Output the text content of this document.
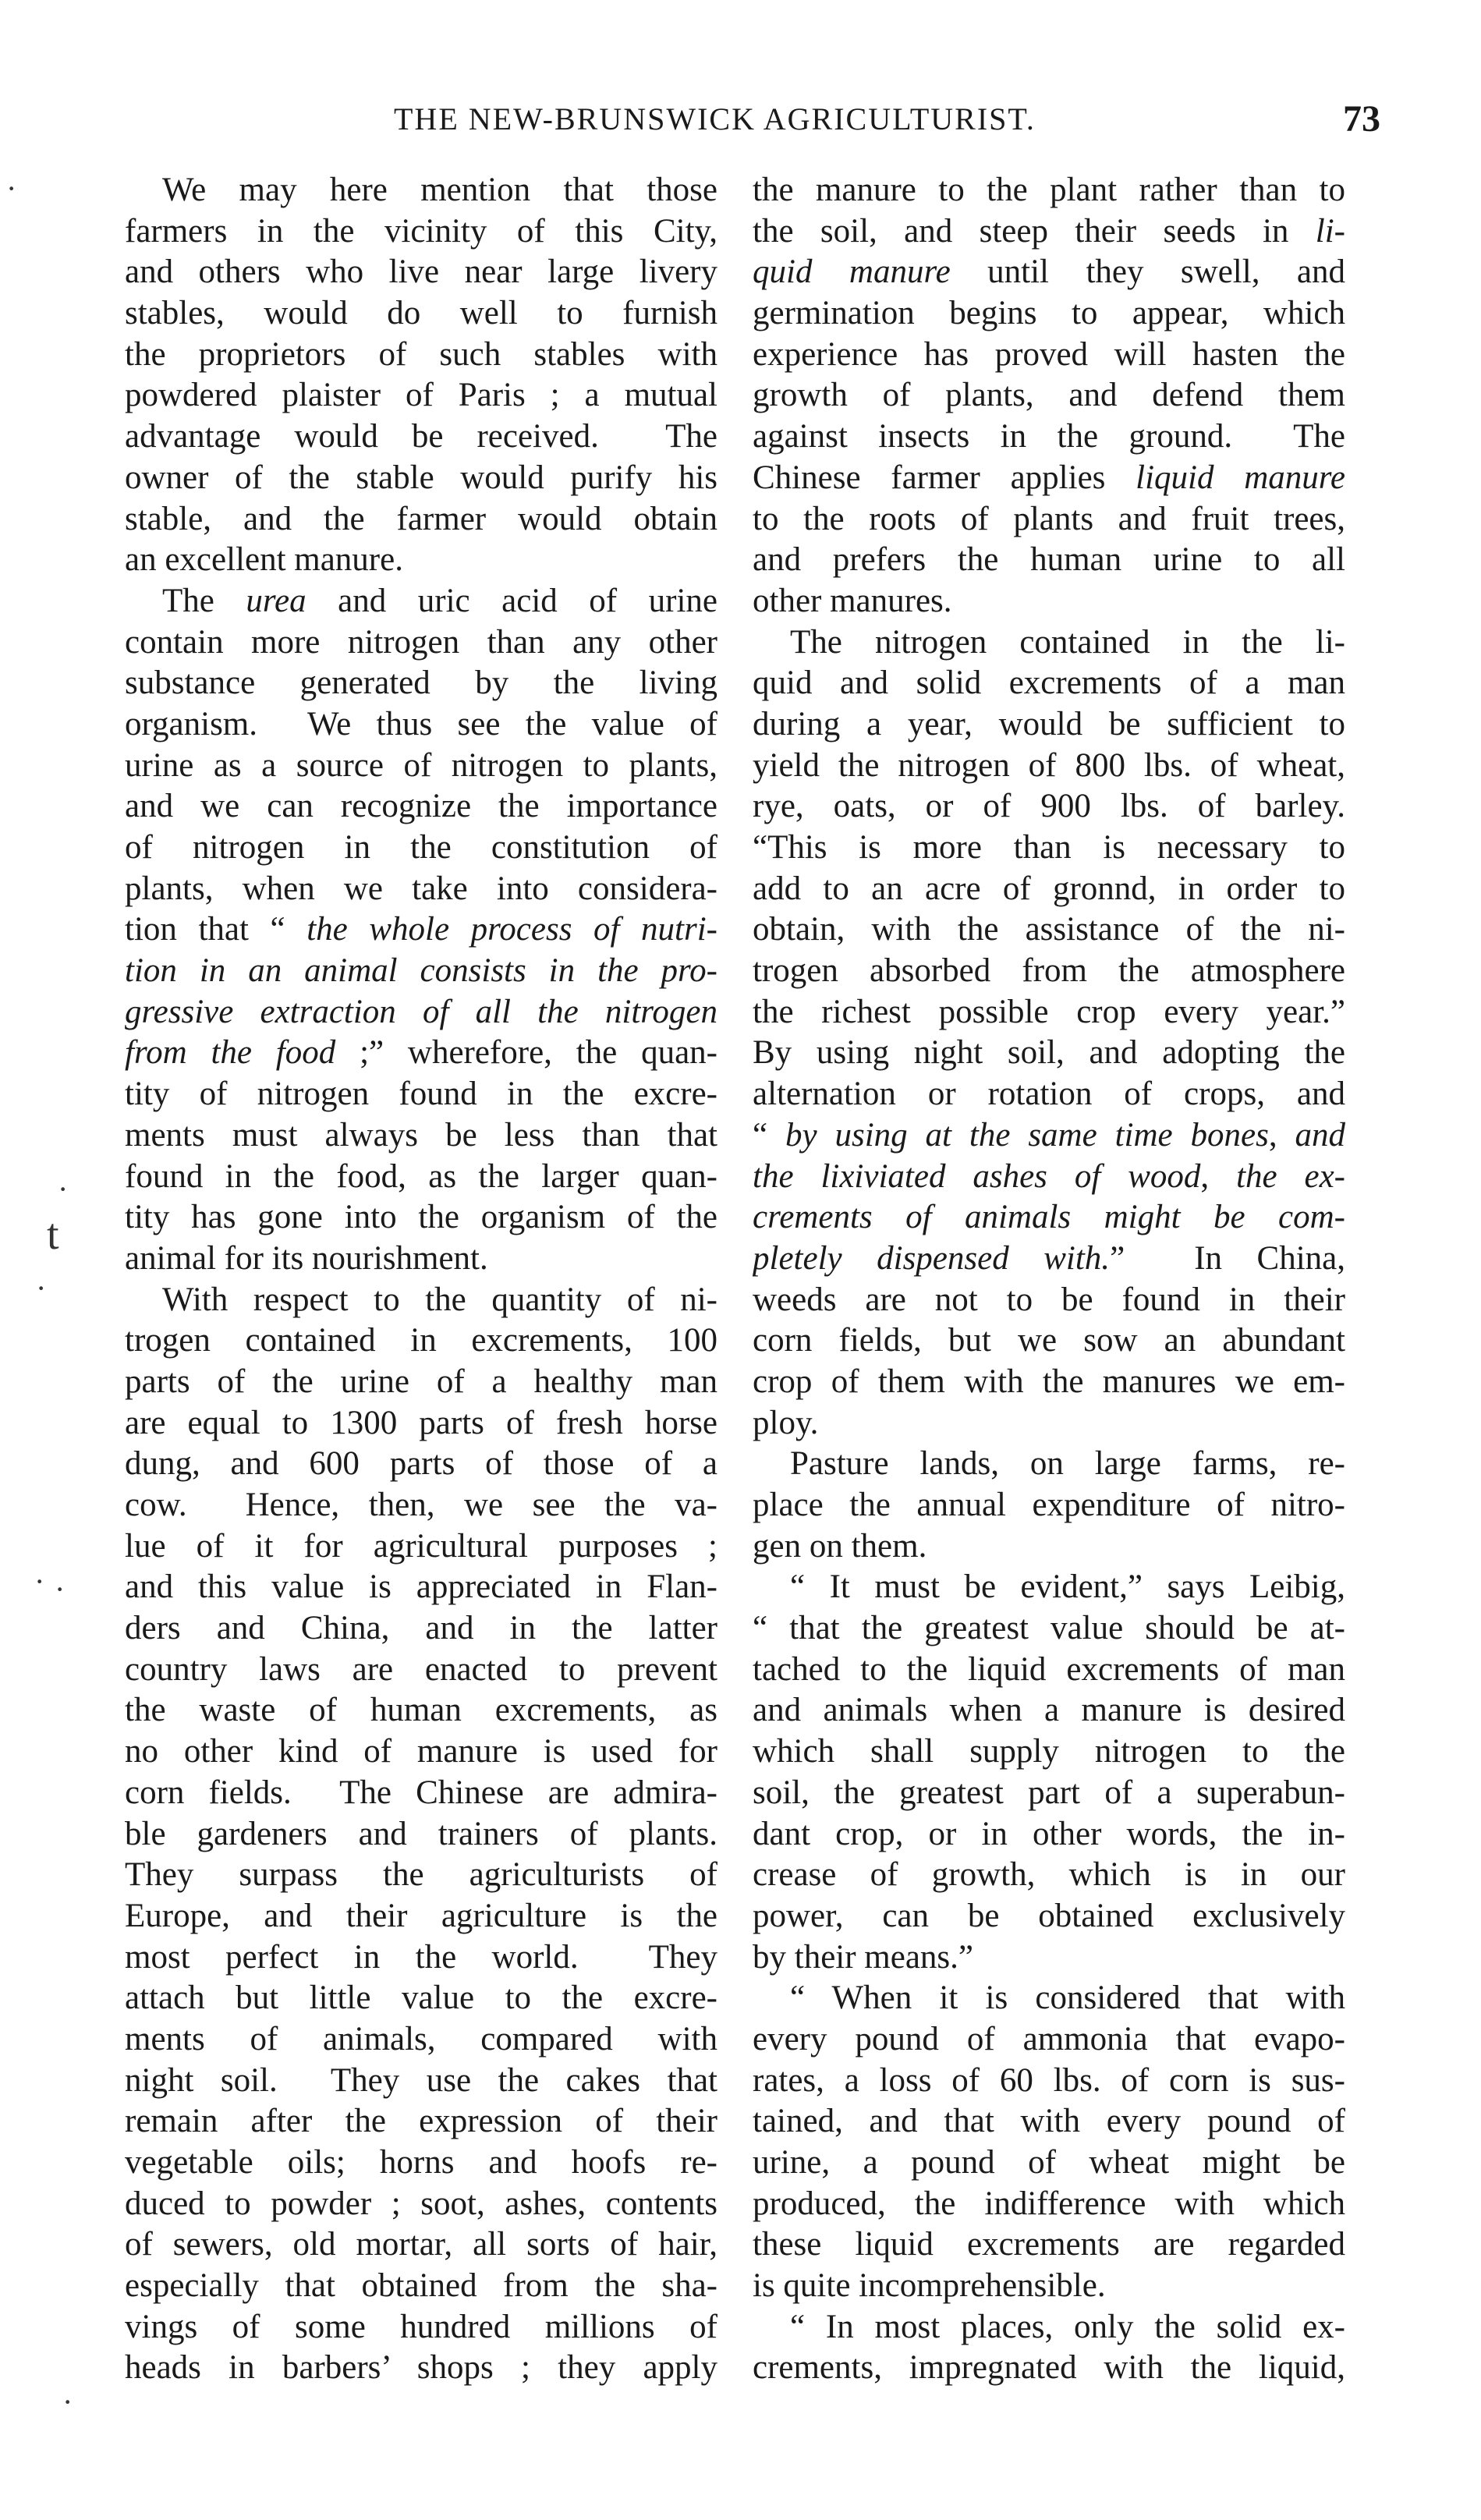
THE NEW-BRUNSWICK AGRICULTURIST.	73
We may here mention that those
farmers in the vicinity of this City,
and others who live near large livery
stables, would do well to furnish
the proprietors of such stables with
powdered plaister of Paris ; a mutual
advantage would be received.  The
owner of the stable would purify his
stable, and the farmer would obtain
an excellent manure.
The urea and uric acid of urine
contain more nitrogen than any other
substance generated by the living
organism.  We thus see the value of
urine as a source of nitrogen to plants,
and we can recognize the importance
of nitrogen in the constitution of
plants, when we take into considera-
tion that “ the whole process of nutri-
tion in an animal consists in the pro-
gressive extraction of all the nitrogen
from the food ;” wherefore, the quan-
tity of nitrogen found in the excre-
ments must always be less than that
found in the food, as the larger quan-
tity has gone into the organism of the
animal for its nourishment.
With respect to the quantity of ni-
trogen contained in excrements, 100
parts of the urine of a healthy man
are equal to 1300 parts of fresh horse
dung, and 600 parts of those of a
cow.  Hence, then, we see the va-
lue of it for agricultural purposes ;
and this value is appreciated in Flan-
ders and China, and in the latter
country laws are enacted to prevent
the waste of human excrements, as
no other kind of manure is used for
corn fields.  The Chinese are admira-
ble gardeners and trainers of plants.
They surpass the agriculturists of
Europe, and their agriculture is the
most perfect in the world.  They
attach but little value to the excre-
ments of animals, compared with
night soil.  They use the cakes that
remain after the expression of their
vegetable oils; horns and hoofs re-
duced to powder ; soot, ashes, contents
of sewers, old mortar, all sorts of hair,
especially that obtained from the sha-
vings of some hundred millions of
heads in barbers’ shops ; they apply
the manure to the plant rather than to
the soil, and steep their seeds in li-
quid manure until they swell, and
germination begins to appear, which
experience has proved will hasten the
growth of plants, and defend them
against insects in the ground.  The
Chinese farmer applies liquid manure
to the roots of plants and fruit trees,
and prefers the human urine to all
other manures.
The nitrogen contained in the li-
quid and solid excrements of a man
during a year, would be sufficient to
yield the nitrogen of 800 lbs. of wheat,
rye, oats, or of 900 lbs. of barley.
“This is more than is necessary to
add to an acre of gronnd, in order to
obtain, with the assistance of the ni-
trogen absorbed from the atmosphere
the richest possible crop every year.”
By using night soil, and adopting the
alternation or rotation of crops, and
“ by using at the same time bones, and
the lixiviated ashes of wood, the ex-
crements of animals might be com-
pletely dispensed with.”  In China,
weeds are not to be found in their
corn fields, but we sow an abundant
crop of them with the manures we em-
ploy.
Pasture lands, on large farms, re-
place the annual expenditure of nitro-
gen on them.
“ It must be evident,” says Leibig,
“ that the greatest value should be at-
tached to the liquid excrements of man
and animals when a manure is desired
which shall supply nitrogen to the
soil, the greatest part of a superabun-
dant crop, or in other words, the in-
crease of growth, which is in our
power, can be obtained exclusively
by their means.”
“ When it is considered that with
every pound of ammonia that evapo-
rates, a loss of 60 lbs. of corn is sus-
tained, and that with every pound of
urine, a pound of wheat might be
produced, the indifference with which
these liquid excrements are regarded
is quite incomprehensible.
“ In most places, only the solid ex-
crements, impregnated with the liquid,
·
t
·
·
· ·
·
